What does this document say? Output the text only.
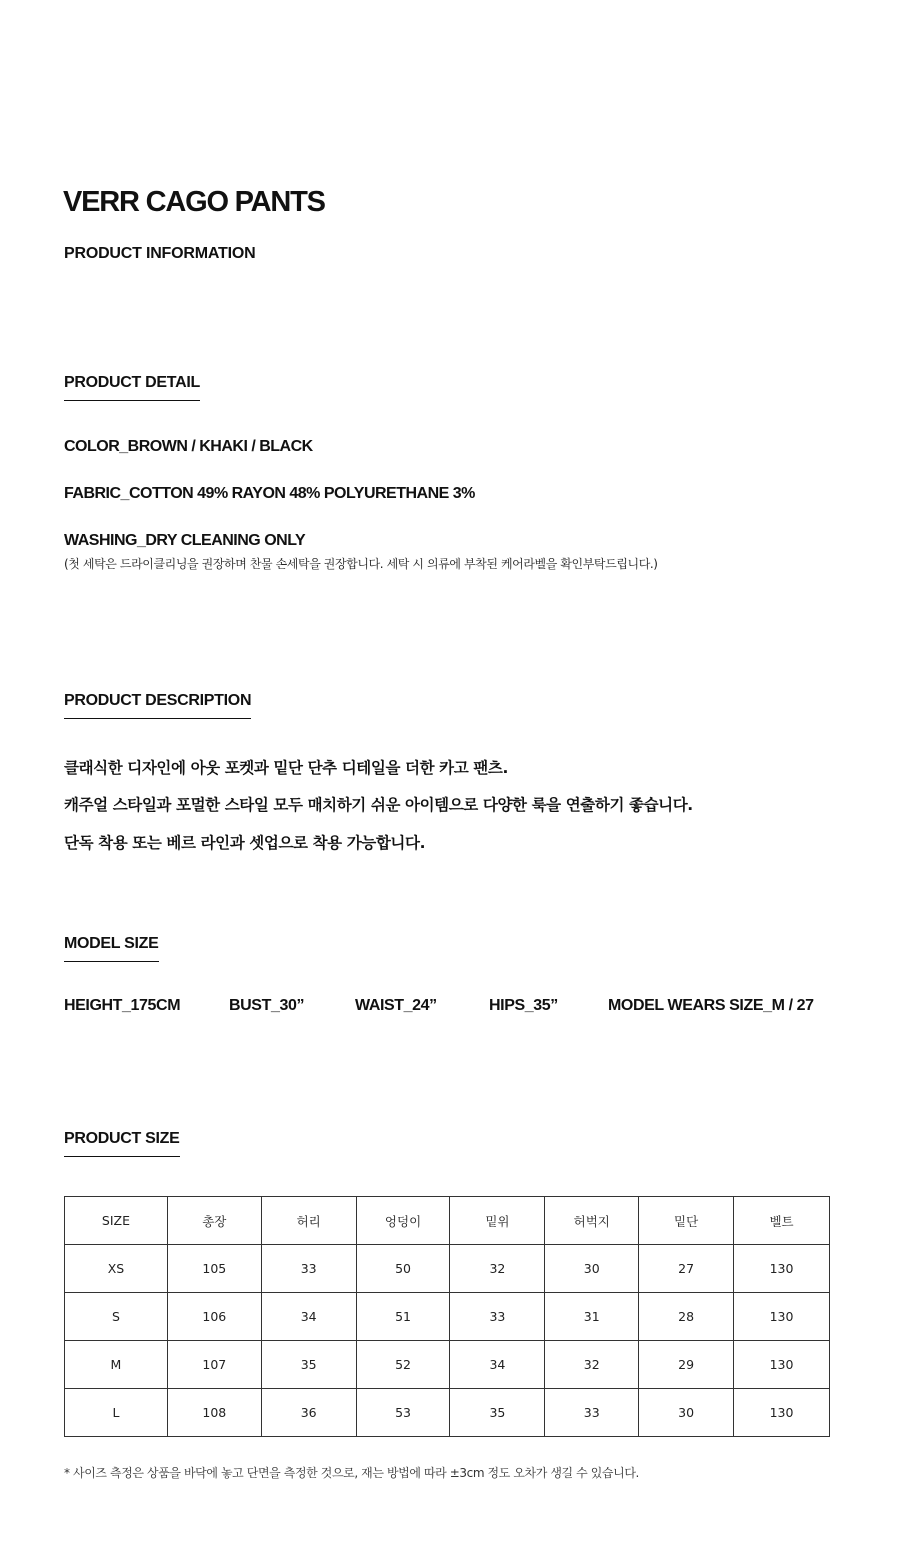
VERR CAGO PANTS
PRODUCT INFORMATION
PRODUCT DETAIL
COLOR_BROWN / KHAKI / BLACK
FABRIC_COTTON 49% RAYON 48% POLYURETHANE 3%
WASHING_DRY CLEANING ONLY
(첫 세탁은 드라이클리닝을 권장하며 찬물 손세탁을 권장합니다. 세탁 시 의류에 부착된 케어라벨을 확인부탁드립니다.)
PRODUCT DESCRIPTION
클래식한 디자인에 아웃 포켓과 밑단 단추 디테일을 더한 카고 팬츠.
캐주얼 스타일과 포멀한 스타일 모두 매치하기 쉬운 아이템으로 다양한 룩을 연출하기 좋습니다.
단독 착용 또는 베르 라인과 셋업으로 착용 가능합니다.
MODEL SIZE
HEIGHT_175CM	BUST_30”	WAIST_24”	HIPS_35”	MODEL WEARS SIZE_M / 27
PRODUCT SIZE
SIZE	총장	허리	엉덩이	밑위	허벅지	밑단	벨트
XS	105	33	50	32	30	27	130
S	106	34	51	33	31	28	130
M	107	35	52	34	32	29	130
L	108	36	53	35	33	30	130
* 사이즈 측정은 상품을 바닥에 놓고 단면을 측정한 것으로, 재는 방법에 따라 ±3cm 정도 오차가 생길 수 있습니다.
